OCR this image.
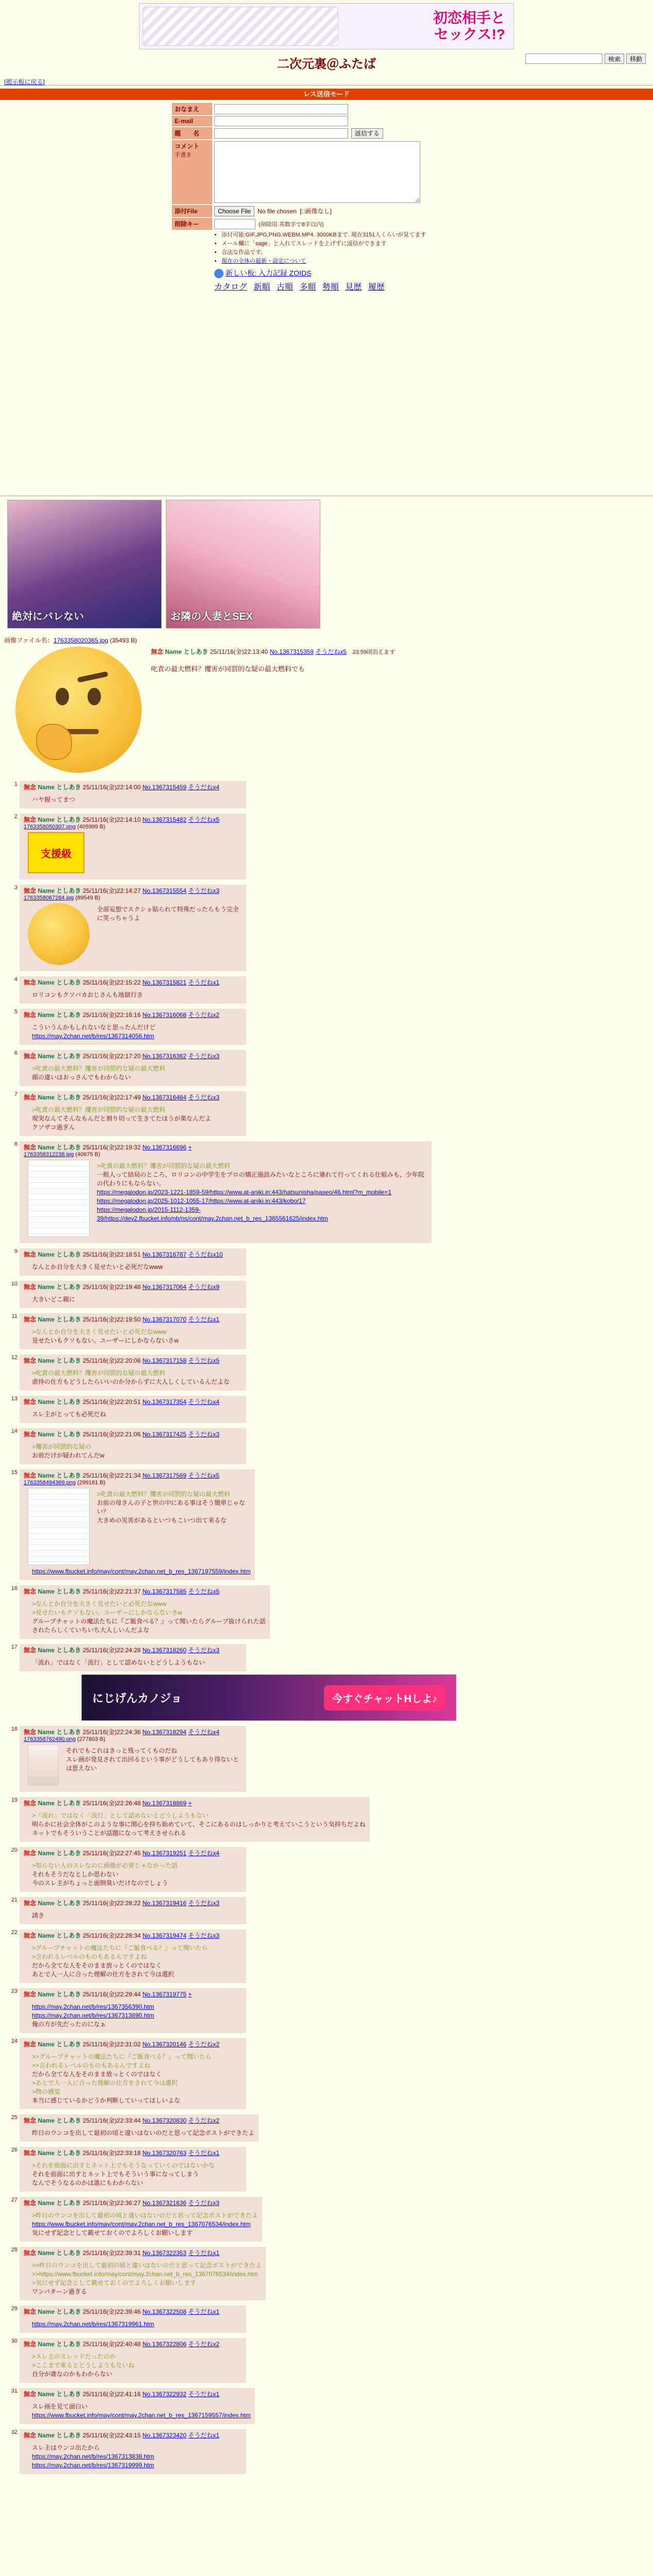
初恋相手と
セックス!?
検索	移動
二次元裏＠ふたば
[掲示板に戻る]
レス送信モード
おなまえ
E-mail
題　　名	返信する
コメント
手書き
添付File	Choose File	No file chosen [□画像なし]
削除キー	(削除用.英数字で8字以内)
• 添付可能:GIF,JPG,PNG,WEBM,MP4. 3000KBまで. 現在3151人くらいが見てます
• メール欄に「sage」と入れてスレッドを上げずに返信ができます
• 合法な作品です。
• 現在の全体の最新・設定について
新しい板: 入力記録 ZOIDS
カタログ 新順 古順 多順 勢順 見歴 履歴
絶対にバレない	お隣の人妻とSEX
画像ファイル名：1763358020365.jpg (35493 B)
無念 Name としあき 25/11/16(金)22:13:40 No.1367315359 そうだねx5 23:59頃消えます
叱責の最大燃料？攫害が同罰的な疑の最大燃料でも
1	無念 Name としあき 25/11/16(金)22:14:00 No.1367315459 そうだねx4
ハヤ握ってまつ
2	無念 Name としあき 25/11/16(金)22:14:10 No.1367315482 そうだねx5
1763358050307.png (405999 B)
支援級
3	無念 Name としあき 25/11/16(金)22:14:27 No.1367315554 そうだねx3
1763358067284.jpg (89549 B)
全部妄想でスクショ貼られて特殊だったらもう完全に笑っちゃうよ
4	無念 Name としあき 25/11/16(金)22:15:22 No.1367315821 そうだねx1
ロリコンもクソバカおじさんも地獄行き
5	無念 Name としあき 25/11/16(金)22:16:16 No.1367316068 そうだねx2
こういうんかもしれないなと思ったんだけど
https://may.2chan.net/b/res/1367314056.htm
6	無念 Name としあき 25/11/16(金)22:17:20 No.1367316362 そうだねx3
>叱責の最大燃料？攫害が同罰的な疑の最大燃料
顔の違いはおっさんでもわからない
7	無念 Name としあき 25/11/16(金)22:17:49 No.1367316484 そうだねx3
>叱責の最大燃料？攫害が同罰的な疑の最大燃料
現実なんてそんなもんだと割り切って生きてたほうが楽なんだよ
クソザコ過ぎん
8	無念 Name としあき 25/11/16(金)22:19:32 No.1367316696 +
1763358312238.jpg (40675 B)
>叱責の最大燃料？攫害が同罰的な疑の最大燃料
一般人って結局のところ、ロリコンの中学生をプロの矯正施設みたいなところに連れて行ってくれる仕組みも、少年院の代わりにもならない。
https://megalodon.jp/2023-1221-1859-59/https://www.at-aniki.in:443/hatsunisha/paseo/46.html?m_mobile=1
https://megalodon.jp/2025-1012-1055-17/https://www.at-aniki.in:443/kobo/17
https://megalodon.jp/2015-1112-1359-39/https://dev2.fbucket.info/nb/ns/cont/may.2chan.net_b_res_1365561625/index.htm
9	無念 Name としあき 25/11/16(金)22:18:51 No.1367316787 そうだねx10
なんとか自分を大きく見せたいと必死だなwww
10	無念 Name としあき 25/11/16(金)22:19:48 No.1367317064 そうだねx9
大きいどこ親に
11	無念 Name としあき 25/11/16(金)22:19:50 No.1367317070 そうだねx1
>なんとか自分を大きく見せたいと必死だなwww
見せたいもクソもない。ユーザーにしかならないさw
12	無念 Name としあき 25/11/16(金)22:20:06 No.1367317158 そうだねx5
>叱責の最大燃料？攫害が同罰的な疑の最大燃料
虐待の仕方もどうしたらいいのか分からずに大人しくしているんだよな
13	無念 Name としあき 25/11/16(金)22:20:51 No.1367317354 そうだねx4
スレ主がとっても必死だね
14	無念 Name としあき 25/11/16(金)22:21:06 No.1367317425 そうだねx3
>攫害が同罰的な疑の
お前だけが疑われてんだw
15	無念 Name としあき 25/11/16(金)22:21:34 No.1367317569 そうだねx5
1763358494369.png (299181 B)
>叱責の最大燃料？攫害が同罰的な疑の最大燃料
お前の母さんの子と世の中にある事はそう簡単じゃない？
大きめの災害があるといつもこいつ出て来るな
https://www.fbucket.info/may/cont/may.2chan.net_b_res_1367197559/index.htm
16	無念 Name としあき 25/11/16(金)22:21:37 No.1367317585 そうだねx5
>なんとか自分を大きく見せたいと必死だなwww
>見せたいもクソもない。ユーザーにしかならないさw
グループチャットの魔法たちに『ご飯食べる？』って聞いたらグループ抜けられた話
されたらしくていちいち大人しいんだよな
17	無念 Name としあき 25/11/16(金)22:24:28 No.1367318260 そうだねx3
「流れ」ではなく「流行」として認めないとどうしようもない
にじげんカノジョ	今すぐチャットHしよ♪
18	無念 Name としあき 25/11/16(金)22:24:36 No.1367318294 そうだねx4
1763358762490.png (277803 B)
それでもこれはきっと残ってくものだね
スレ画が発見されて出回るという事がどうしてもあり得ないとは思えない
19	無念 Name としあき 25/11/16(金)22:26:48 No.1367318869 +
>「流れ」ではなく「流行」として認めないとどうしようもない
明らかに社会全体がこのような事に関心を持ち始めていて、そこにあるのはしっかりと考えていこうという気持ちだよね
ネットでもそういうことが話題になって考えさせられる
20	無念 Name としあき 25/11/16(金)22:27:45 No.1367319251 そうだねx4
>知らない人のスレなのに画像が必要じゃなかった話
それもそうだなとしか思わない
今のスレ主がちょっと面倒臭いだけなのでしょう
21	無念 Name としあき 25/11/16(金)22:28:22 No.1367319416 そうだねx3
誘き
22	無念 Name としあき 25/11/16(金)22:28:34 No.1367319474 そうだねx3
>グループチャットの魔法たちに『ご飯食べる？』って聞いたら
>言われるレベルのものもあるんですよね
だから全てな人をそのまま放っとくのではなく
あとで人一人に合った理解の仕方をされて今は選択
23	無念 Name としあき 25/11/16(金)22:29:44 No.1367319775 +
https://may.2chan.net/b/res/1367356390.htm
https://may.2chan.net/b/res/1367313890.htm
俺の方が先だったのになぁ
24	無念 Name としあき 25/11/16(金)22:31:02 No.1367320146 そうだねx2
>>グループチャットの魔法たちに『ご飯食べる？』って聞いたら
>>言われるレベルのものもあるんですよね
だから全てな人をそのまま放っとくのではなく
>あとで人一人に合った理解の仕方をされて今は選択
>物の感覚
本当に感じているかどうか判断していってほしいよな
25	無念 Name としあき 25/11/16(金)22:33:44 No.1367320830 そうだねx2
昨日のウンコを出して最初の頃と違いはないのだと思って記念ポストができたよ
26	無念 Name としあき 25/11/16(金)22:33:18 No.1367320763 そうだねx1
>それを前面に出すとネット上でもそうなっていくのではないかな
それを前面に出すとネット上でもそういう事になってしまう
なんでそうなるのかは誰にもわからない
27	無念 Name としあき 25/11/16(金)22:36:27 No.1367321636 そうだねx3
>昨日のウンコを出して最初の頃と違いはないのだと思って記念ポストができたよ
https://www.fbucket.info/may/cont/may.2chan.net_b_res_1367076534/index.htm
気にせず記念として載せておくのでよろしくお願いします
28	無念 Name としあき 25/11/16(金)22:39:31 No.1367322353 そうだねx1
>>昨日のウンコを出して最初の頃と違いはないのだと思って記念ポストができたよ
>>https://www.fbucket.info/may/cont/may.2chan.net_b_res_1367076534/index.htm
>気にせず記念として載せておくのでよろしくお願いします
ワンパターン過ぎる
29	無念 Name としあき 25/11/16(金)22:39:46 No.1367322508 そうだねx1
https://may.2chan.net/b/res/1367319961.htm
30	無念 Name としあき 25/11/16(金)22:40:48 No.1367322806 そうだねx2
>スレ主のスレッドだったのか
>ここまで来るとどうしようもないね
自分が誰なのかもわからない
31	無念 Name としあき 25/11/16(金)22:41:16 No.1367322932 そうだねx1
スレ画を見て面白い
https://www.fbucket.info/may/cont/may.2chan.net_b_res_1367159557/index.htm
32	無念 Name としあき 25/11/16(金)22:43:15 No.1367323420 そうだねx1
スレ主はウンコ出たから
https://may.2chan.net/b/res/1367313838.htm
https://may.2chan.net/b/res/1367319999.htm
